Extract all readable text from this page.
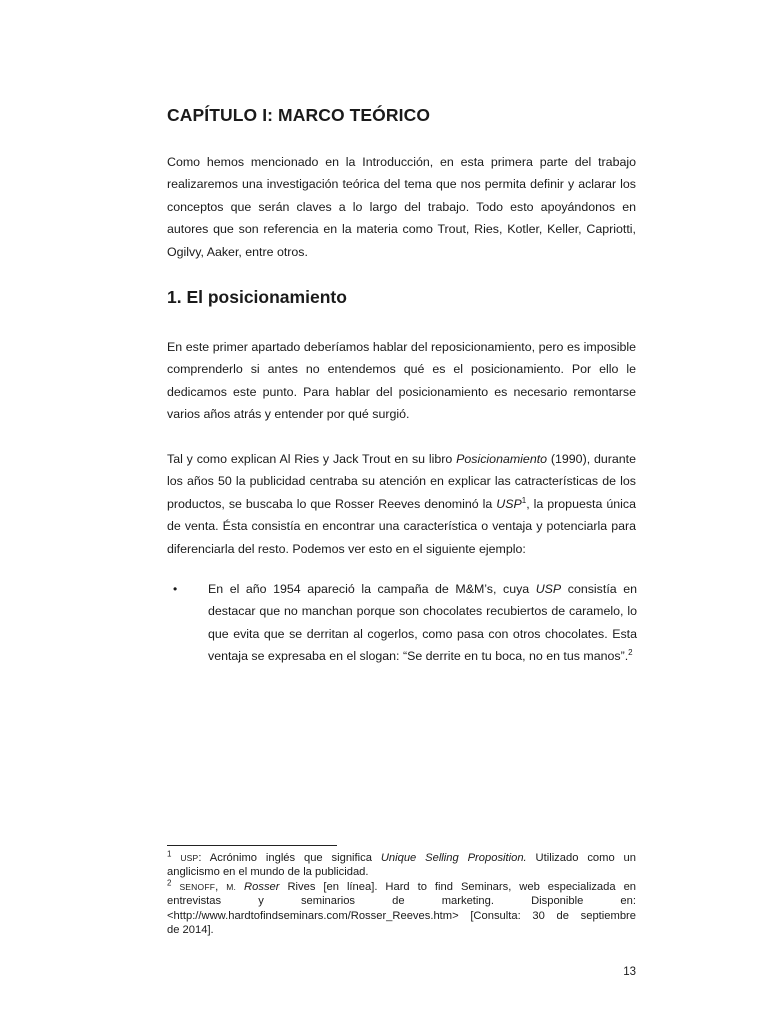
CAPÍTULO I: MARCO TEÓRICO
Como hemos mencionado en la Introducción, en esta primera parte del trabajo
realizaremos una investigación teórica del tema que nos permita definir y aclarar los
conceptos que serán claves a lo largo del trabajo. Todo esto apoyándonos en
autores que son referencia en la materia como Trout, Ries, Kotler, Keller, Capriotti,
Ogilvy, Aaker, entre otros.
1. El posicionamiento
En este primer apartado deberíamos hablar del reposicionamiento, pero es imposible
comprenderlo si antes no entendemos qué es el posicionamiento. Por ello le
dedicamos este punto. Para hablar del posicionamiento es necesario remontarse
varios años atrás y entender por qué surgió.
Tal y como explican Al Ries y Jack Trout en su libro Posicionamiento (1990), durante
los años 50 la publicidad centraba su atención en explicar las catracterísticas de los
productos, se buscaba lo que Rosser Reeves denominó la USP$^1$, la propuesta única
de venta. Ésta consistía en encontrar una característica o ventaja y potenciarla para
diferenciarla del resto. Podemos ver esto en el siguiente ejemplo:
• En el año 1954 apareció la campaña de M&M’s, cuya USP consistía en
destacar que no manchan porque son chocolates recubiertos de caramelo, lo
que evita que se derritan al cogerlos, como pasa con otros chocolates. Esta
ventaja se expresaba en el slogan: “Se derrite en tu boca, no en tus manos”.$^2$
$^1$ USP: Acrónimo inglés que significa Unique Selling Proposition. Utilizado como un
anglicismo en el mundo de la publicidad.
$^2$ SENOFF, M. Rosser Rives [en línea]. Hard to find Seminars, web especializada en
entrevistas y seminarios de marketing. Disponible en:
<http://www.hardtofindseminars.com/Rosser_Reeves.htm> [Consulta: 30 de septiembre
de 2014].
13
